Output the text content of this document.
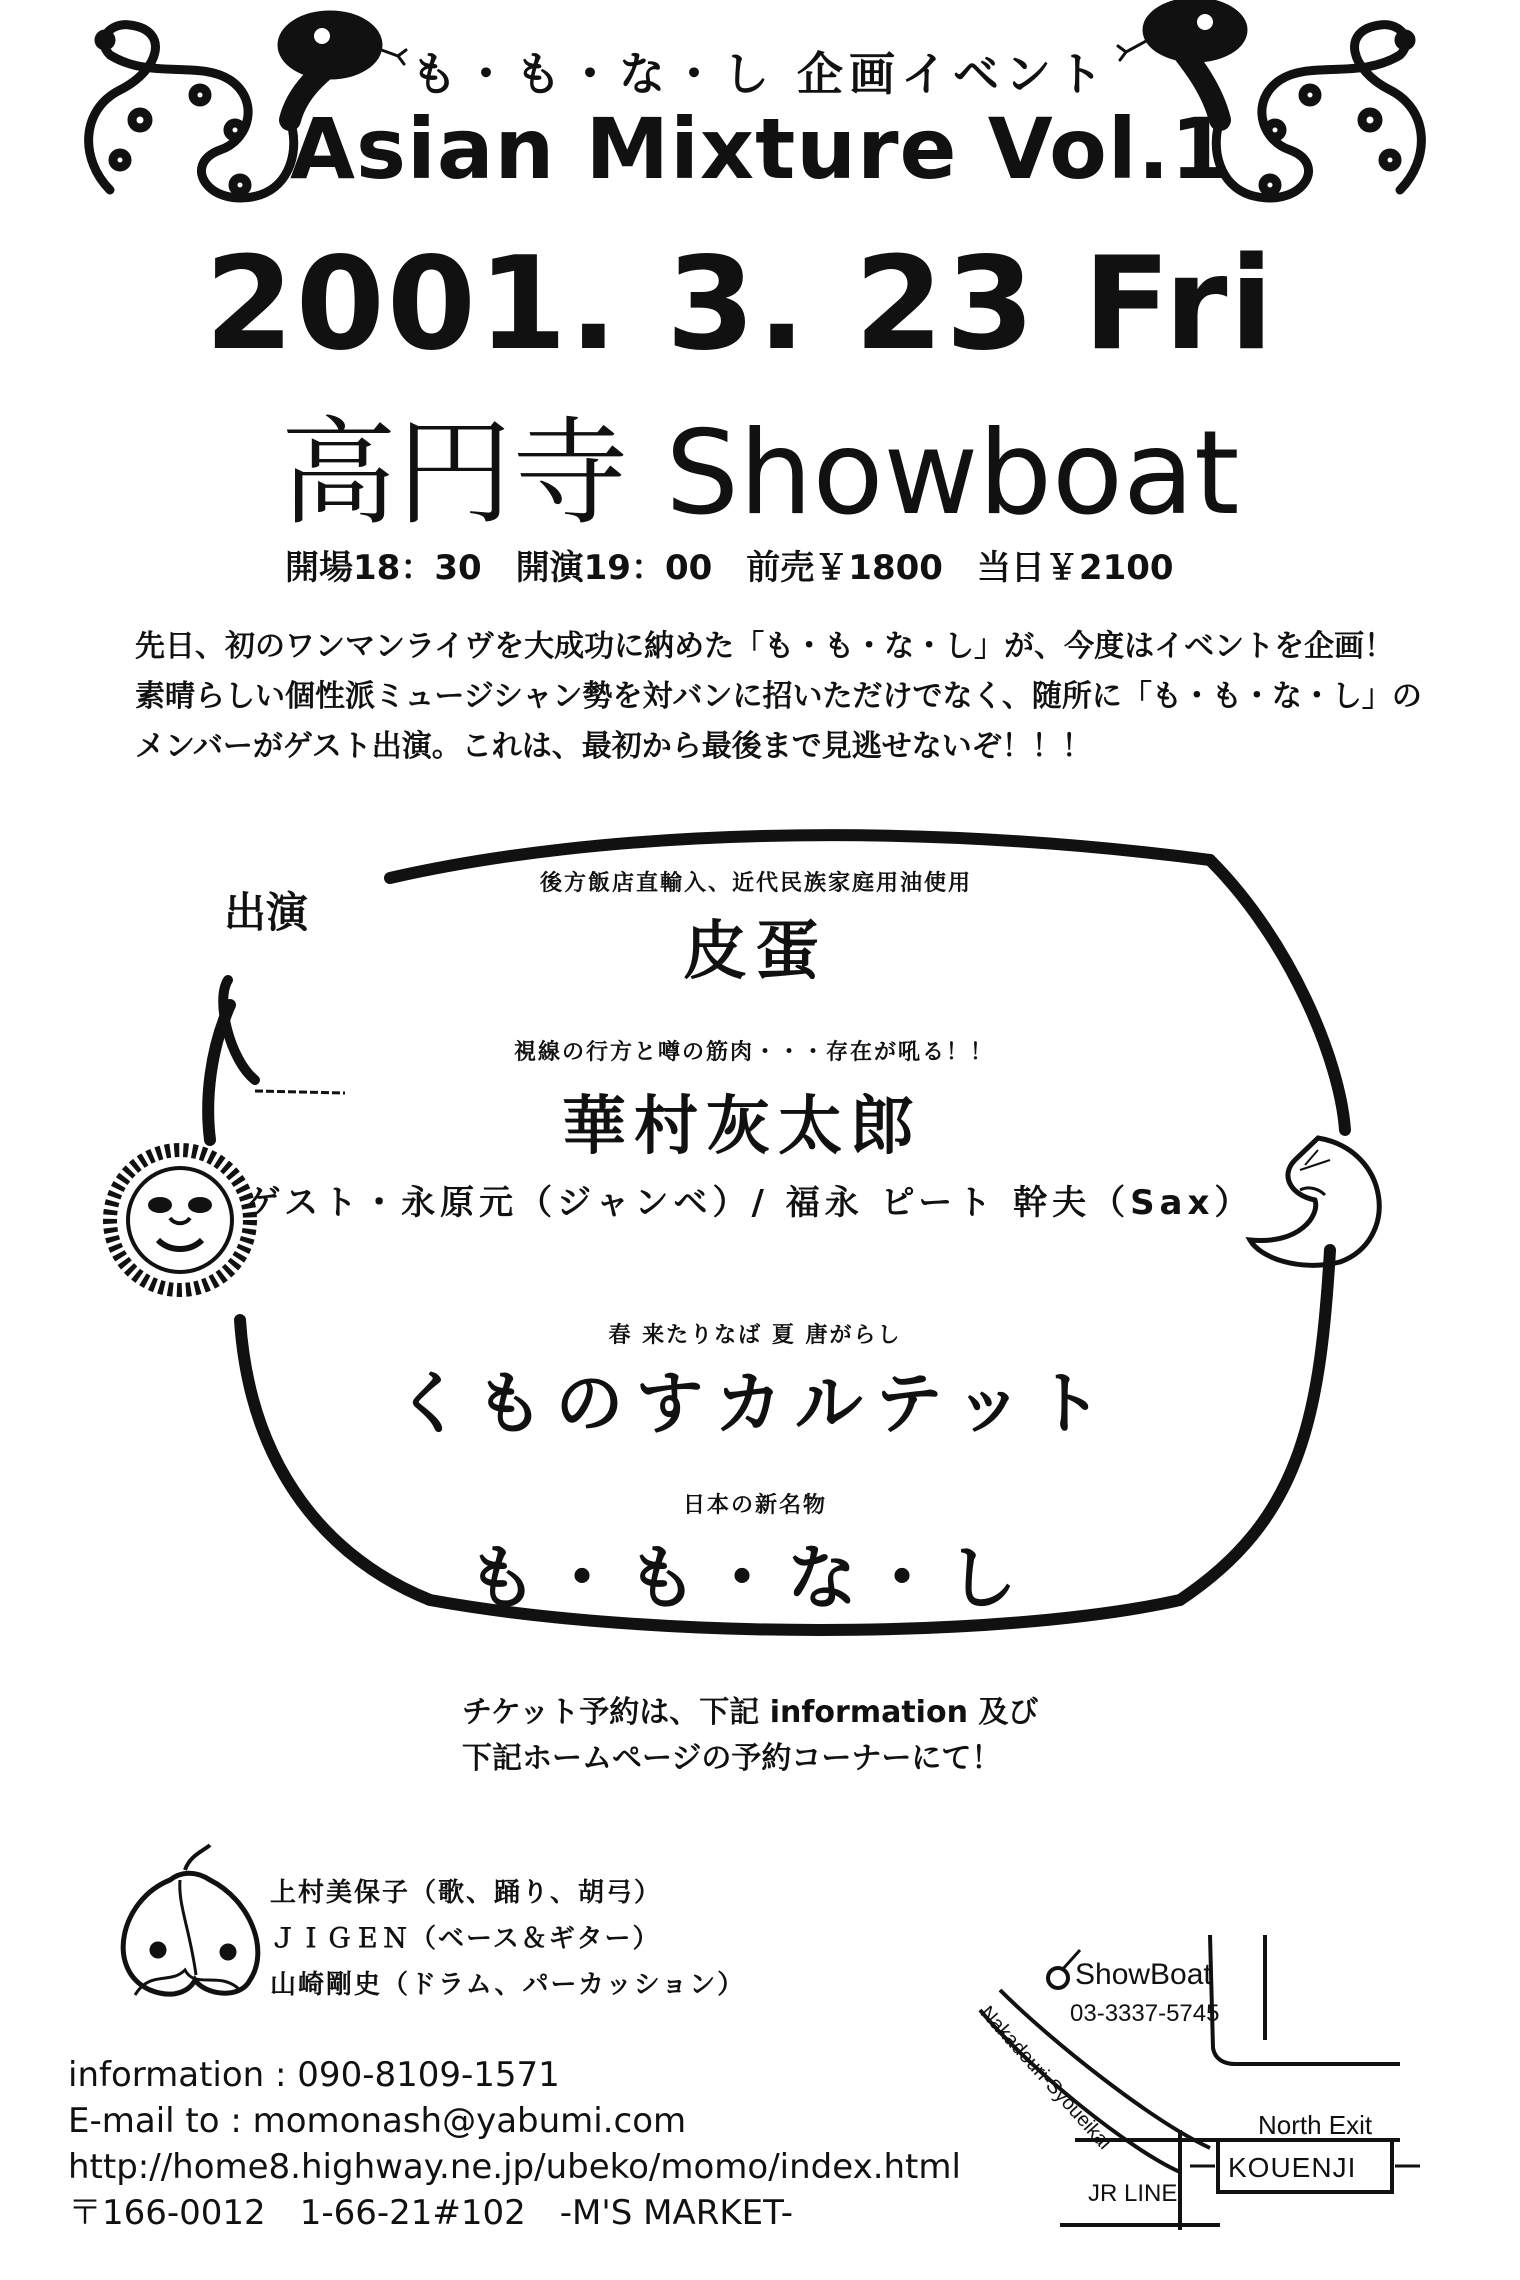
も・も・な・し 企画イベント
Asian Mixture Vol.1
2001. 3. 23 Fri
高円寺 Showboat
開場18：30　 開演19：00　 前売￥1800　 当日￥2100
先日、初のワンマンライヴを大成功に納めた「も・も・な・し」が、今度はイベントを企画！
素晴らしい個性派ミュージシャン勢を対バンに招いただけでなく、随所に「も・も・な・し」の
メンバーがゲスト出演。これは、最初から最後まで見逃せないぞ！！！
出演
後方飯店直輸入、近代民族家庭用油使用
皮蛋
視線の行方と噂の筋肉・・・存在が吼る！！
華村灰太郎
ゲスト・永原元（ジャンベ）/ 福永 ピート 幹夫（Sax）
春 来たりなば 夏 唐がらし
くものすカルテット
日本の新名物
も・も・な・し
チケット予約は、下記 information 及び
下記ホームページの予約コーナーにて！
上村美保子（歌、踊り、胡弓）
ＪＩＧＥＮ（ベース＆ギター）
山崎剛史（ドラム、パーカッション）
information : 090-8109-1571
E-mail to : momonash@yabumi.com
http://home8.highway.ne.jp/ubeko/momo/index.html
〒166-0012　1-66-21#102　-M'S MARKET-
ShowBoat
03-3337-5745
Nakadouri-Syoueikai	North Exit
KOUENJI
JR LINE
